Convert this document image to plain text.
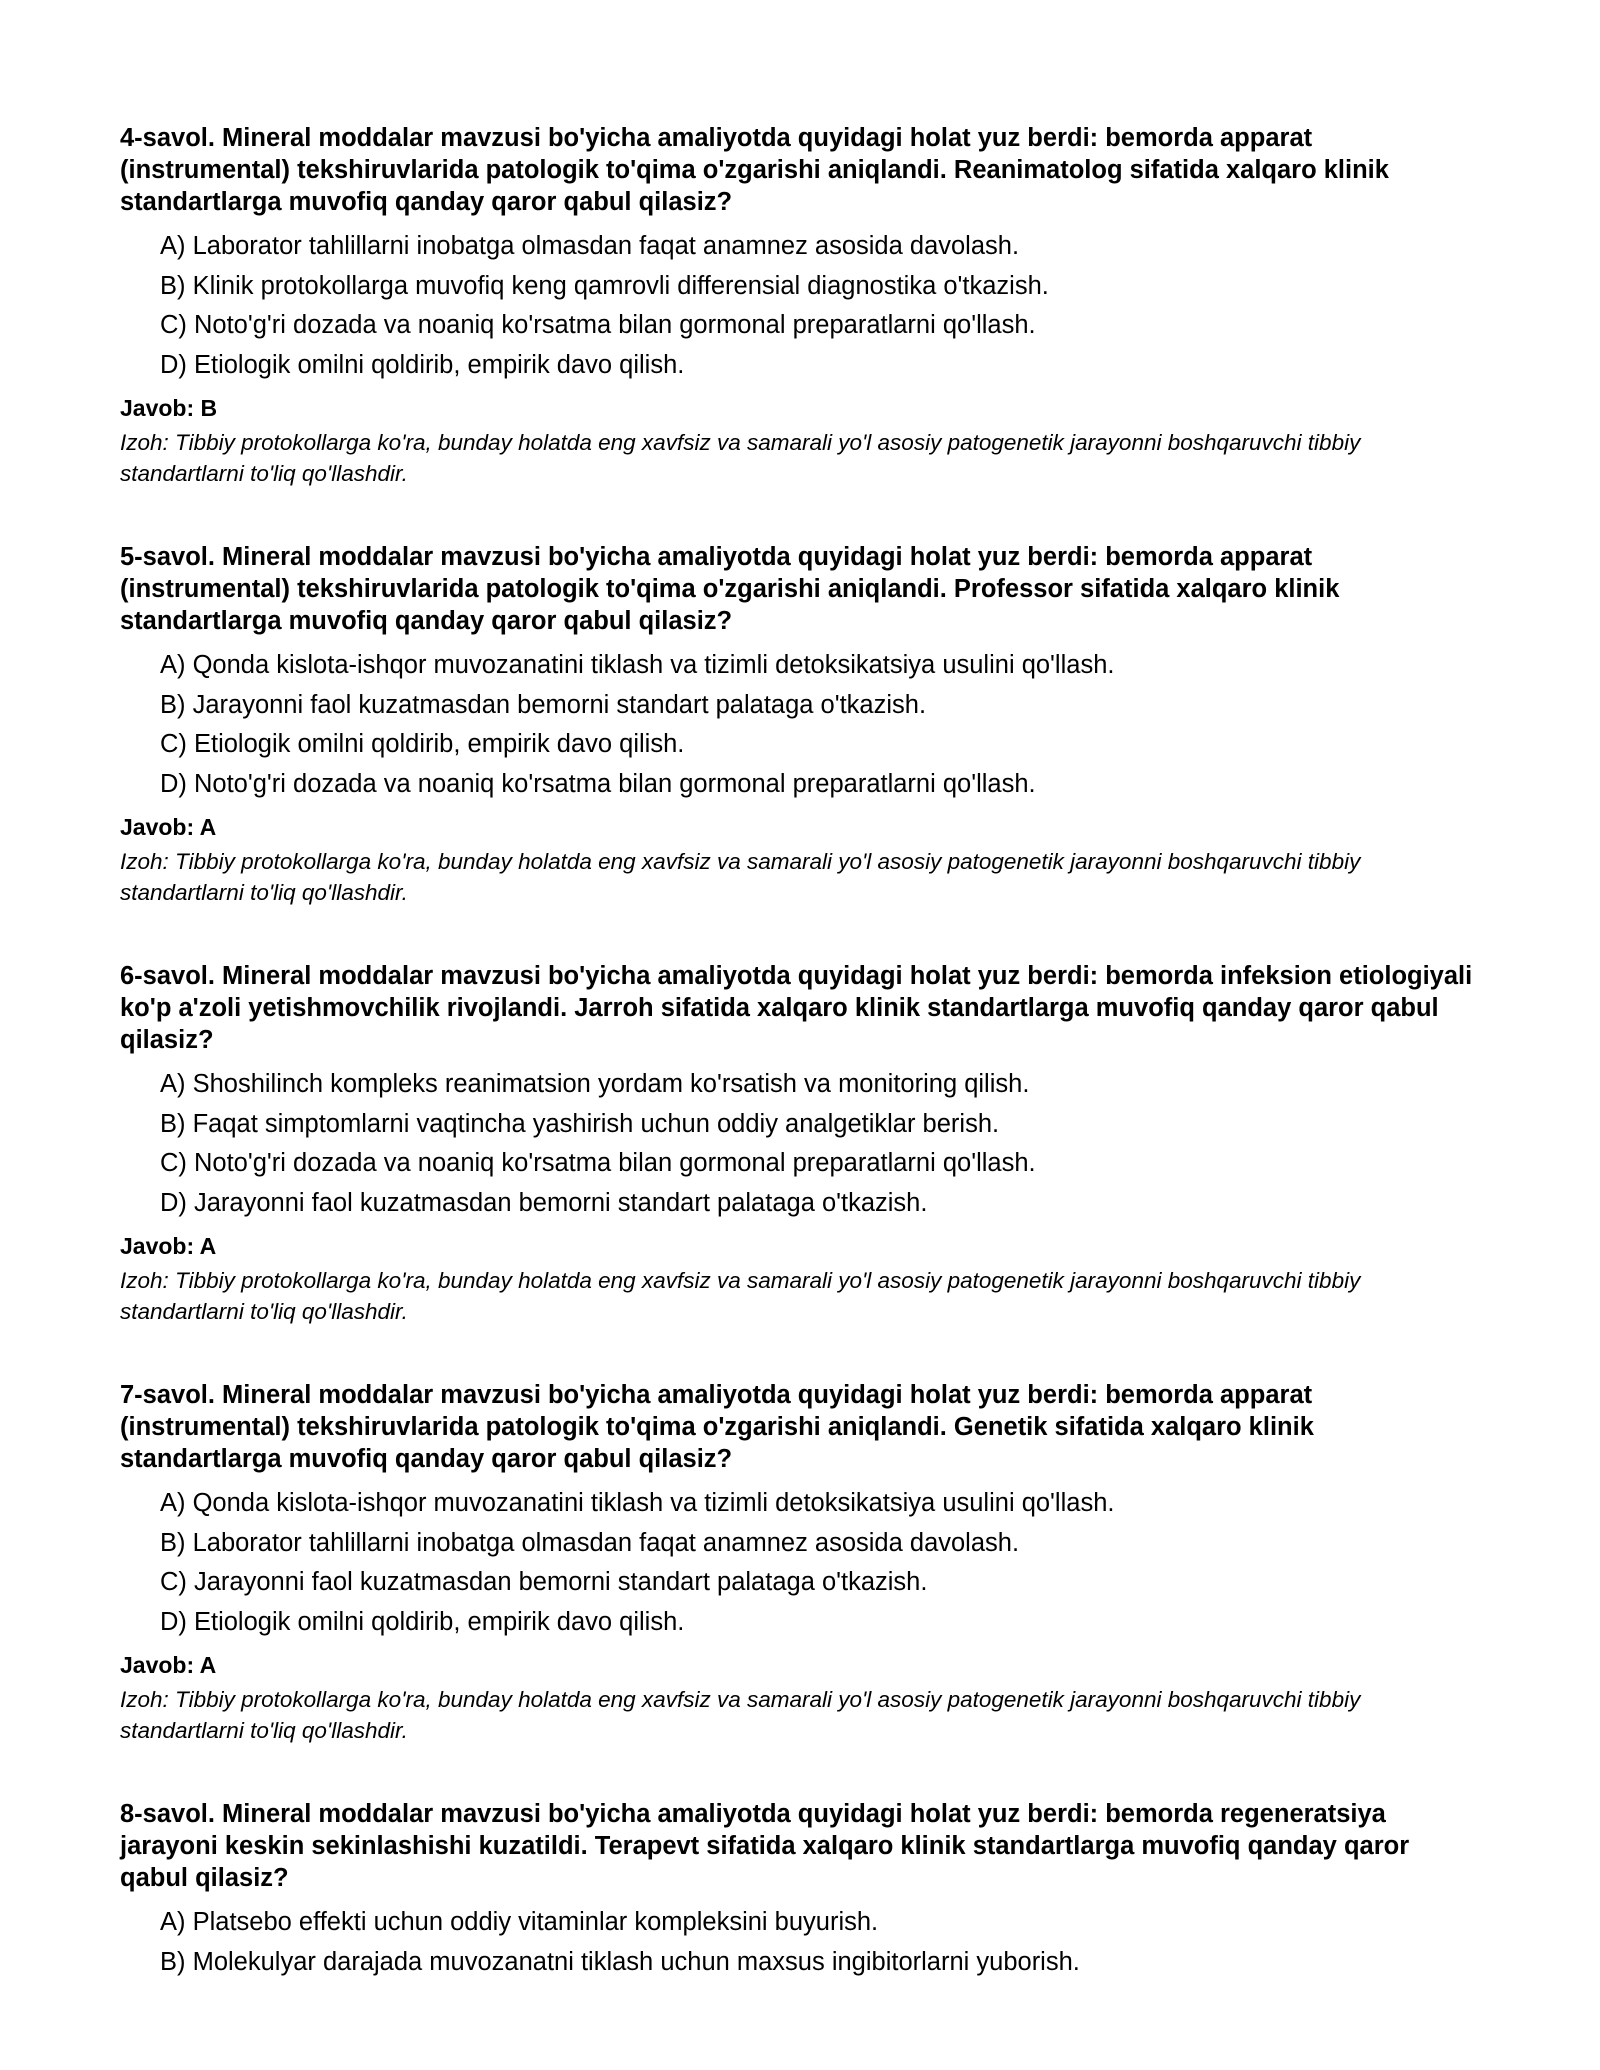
4-savol. Mineral moddalar mavzusi bo'yicha amaliyotda quyidagi holat yuz berdi: bemorda apparat (instrumental) tekshiruvlarida patologik to'qima o'zgarishi aniqlandi. Reanimatolog sifatida xalqaro klinik standartlarga muvofiq qanday qaror qabul qilasiz?

A) Laborator tahlillarni inobatga olmasdan faqat anamnez asosida davolash.
B) Klinik protokollarga muvofiq keng qamrovli differensial diagnostika o'tkazish.
C) Noto'g'ri dozada va noaniq ko'rsatma bilan gormonal preparatlarni qo'llash.
D) Etiologik omilni qoldirib, empirik davo qilish.

Javob: B

Izoh: Tibbiy protokollarga ko'ra, bunday holatda eng xavfsiz va samarali yo'l asosiy patogenetik jarayonni boshqaruvchi tibbiy standartlarni to'liq qo'llashdir.

5-savol. Mineral moddalar mavzusi bo'yicha amaliyotda quyidagi holat yuz berdi: bemorda apparat (instrumental) tekshiruvlarida patologik to'qima o'zgarishi aniqlandi. Professor sifatida xalqaro klinik standartlarga muvofiq qanday qaror qabul qilasiz?

A) Qonda kislota-ishqor muvozanatini tiklash va tizimli detoksikatsiya usulini qo'llash.
B) Jarayonni faol kuzatmasdan bemorni standart palataga o'tkazish.
C) Etiologik omilni qoldirib, empirik davo qilish.
D) Noto'g'ri dozada va noaniq ko'rsatma bilan gormonal preparatlarni qo'llash.

Javob: A

Izoh: Tibbiy protokollarga ko'ra, bunday holatda eng xavfsiz va samarali yo'l asosiy patogenetik jarayonni boshqaruvchi tibbiy standartlarni to'liq qo'llashdir.

6-savol. Mineral moddalar mavzusi bo'yicha amaliyotda quyidagi holat yuz berdi: bemorda infeksion etiologiyali ko'p a'zoli yetishmovchilik rivojlandi. Jarroh sifatida xalqaro klinik standartlarga muvofiq qanday qaror qabul qilasiz?

A) Shoshilinch kompleks reanimatsion yordam ko'rsatish va monitoring qilish.
B) Faqat simptomlarni vaqtincha yashirish uchun oddiy analgetiklar berish.
C) Noto'g'ri dozada va noaniq ko'rsatma bilan gormonal preparatlarni qo'llash.
D) Jarayonni faol kuzatmasdan bemorni standart palataga o'tkazish.

Javob: A

Izoh: Tibbiy protokollarga ko'ra, bunday holatda eng xavfsiz va samarali yo'l asosiy patogenetik jarayonni boshqaruvchi tibbiy standartlarni to'liq qo'llashdir.

7-savol. Mineral moddalar mavzusi bo'yicha amaliyotda quyidagi holat yuz berdi: bemorda apparat (instrumental) tekshiruvlarida patologik to'qima o'zgarishi aniqlandi. Genetik sifatida xalqaro klinik standartlarga muvofiq qanday qaror qabul qilasiz?

A) Qonda kislota-ishqor muvozanatini tiklash va tizimli detoksikatsiya usulini qo'llash.
B) Laborator tahlillarni inobatga olmasdan faqat anamnez asosida davolash.
C) Jarayonni faol kuzatmasdan bemorni standart palataga o'tkazish.
D) Etiologik omilni qoldirib, empirik davo qilish.

Javob: A

Izoh: Tibbiy protokollarga ko'ra, bunday holatda eng xavfsiz va samarali yo'l asosiy patogenetik jarayonni boshqaruvchi tibbiy standartlarni to'liq qo'llashdir.

8-savol. Mineral moddalar mavzusi bo'yicha amaliyotda quyidagi holat yuz berdi: bemorda regeneratsiya jarayoni keskin sekinlashishi kuzatildi. Terapevt sifatida xalqaro klinik standartlarga muvofiq qanday qaror qabul qilasiz?

A) Platsebo effekti uchun oddiy vitaminlar kompleksini buyurish.
B) Molekulyar darajada muvozanatni tiklash uchun maxsus ingibitorlarni yuborish.
